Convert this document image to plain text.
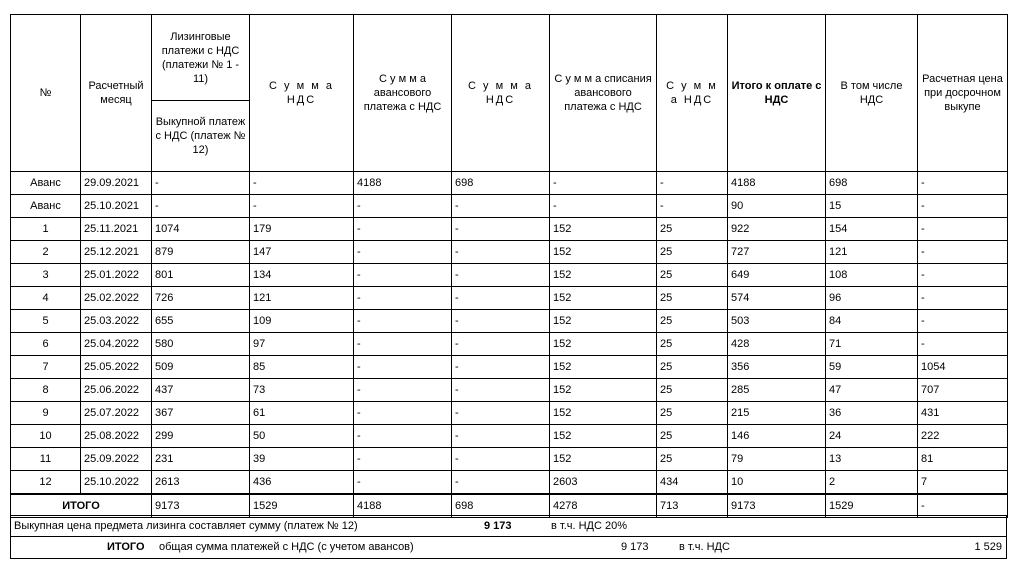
№	Расчетный месяц	Лизинговые платежи с НДС (платежи № 1 - 11)	С у м м а НДС	С у м м а авансового платежа с НДС	С у м м а НДС	С у м м а списания авансового платежа с НДС	С у м м а НДС	Итого к оплате с НДС	В том числе НДС	Расчетная цена при досрочном выкупе
		Выкупной платеж с НДС (платеж № 12)								
Аванс	29.09.2021	-	-	4188	698	-	-	4188	698	-
Аванс	25.10.2021	-	-	-	-	-	-	90	15	-
1	25.11.2021	1074	179	-	-	152	25	922	154	-
2	25.12.2021	879	147	-	-	152	25	727	121	-
3	25.01.2022	801	134	-	-	152	25	649	108	-
4	25.02.2022	726	121	-	-	152	25	574	96	-
5	25.03.2022	655	109	-	-	152	25	503	84	-
6	25.04.2022	580	97	-	-	152	25	428	71	-
7	25.05.2022	509	85	-	-	152	25	356	59	1054
8	25.06.2022	437	73	-	-	152	25	285	47	707
9	25.07.2022	367	61	-	-	152	25	215	36	431
10	25.08.2022	299	50	-	-	152	25	146	24	222
11	25.09.2022	231	39	-	-	152	25	79	13	81
12	25.10.2022	2613	436	-	-	2603	434	10	2	7
ИТОГО		9173	1529	4188	698	4278	713	9173	1529	-
Выкупная цена предмета лизинга составляет сумму (платеж № 12)	9 173	в т.ч. НДС 20%
ИТОГО общая сумма платежей с НДС (с учетом авансов)	9 173	в т.ч. НДС	1 529
